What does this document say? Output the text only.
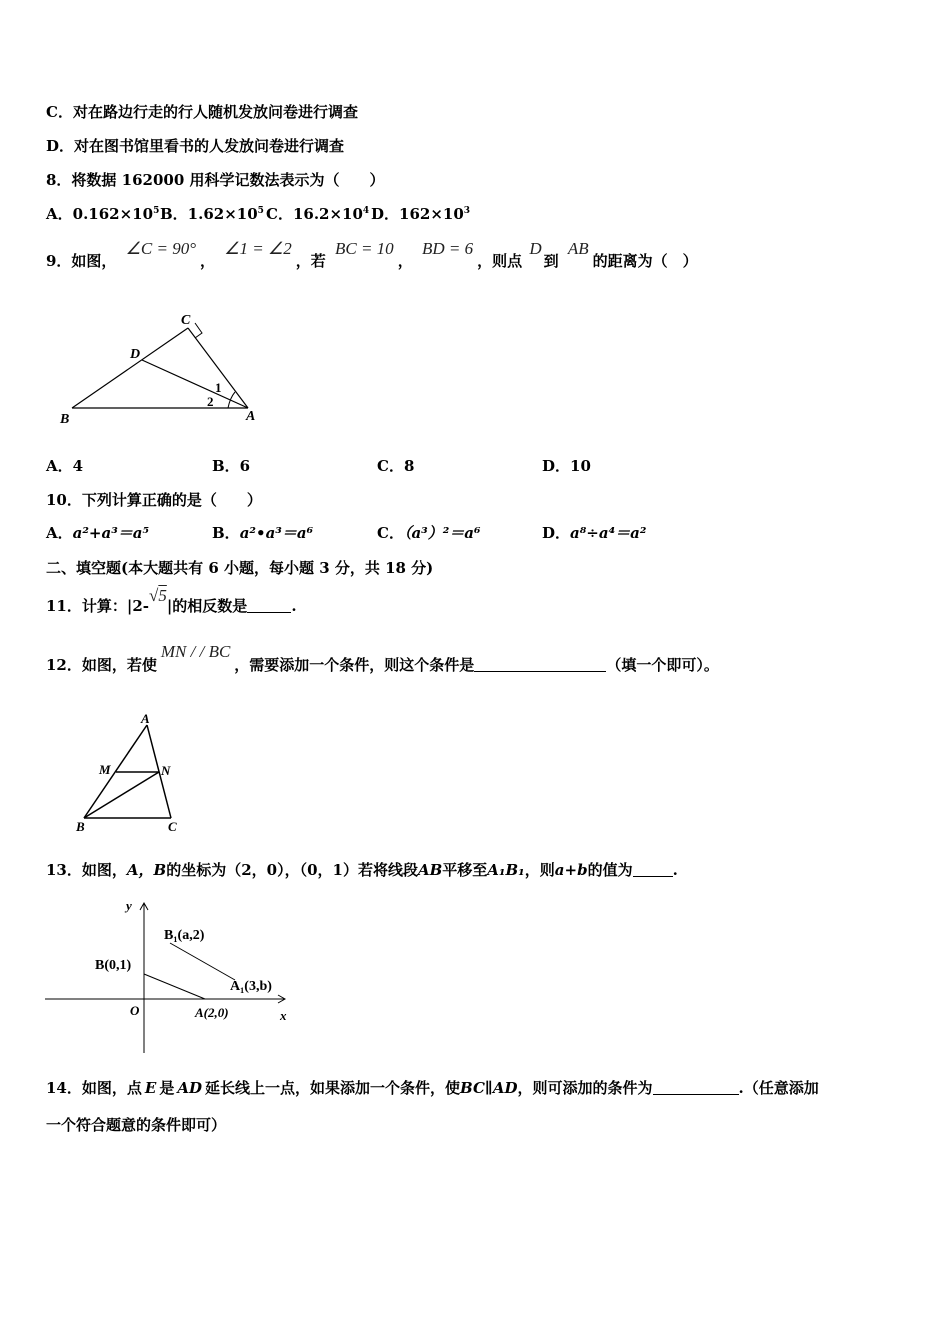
C．对在路边行走的行人随机发放问卷进行调查
D．对在图书馆里看书的人发放问卷进行调查
8．将数据 162000 用科学记数法表示为（　　）
A．$0.162\times 10^5$ B．$1.62\times 10^5$ C．$16.2\times 10^4$ D．$162\times 10^3$
9．如图， ∠C = 90°， ∠1 = ∠2，若 BC = 10， BD = 6，则点 D到 AB的距离为（　）
C
D
B	A
1
2
A．4	B．6	C．8	D．10
10．下列计算正确的是（　　）
A．a²+a³＝a⁵	B．a²•a³＝a⁶	C．（a³）²＝a⁶	D．a⁸÷a⁴＝a²
二、填空题(本大题共有 6 小题，每小题 3 分，共 18 分)
11．计算：|2-√5|的相反数是	.
12．如图，若使MN / / BC，需要添加一个条件，则这个条件是	（填一个即可）。
A
M	N
B	C
13．如图，A，B的坐标为（2，0），（0，1）若将线段AB平移至A₁B₁，则a+b的值为	.
y
x
O
B(0,1)
A(2,0)
B₁(a,2)
A₁(3,b)
14．如图，点 E 是 AD 延长线上一点，如果添加一个条件，使BC∥AD，则可添加的条件为	.（任意添加
一个符合题意的条件即可）
